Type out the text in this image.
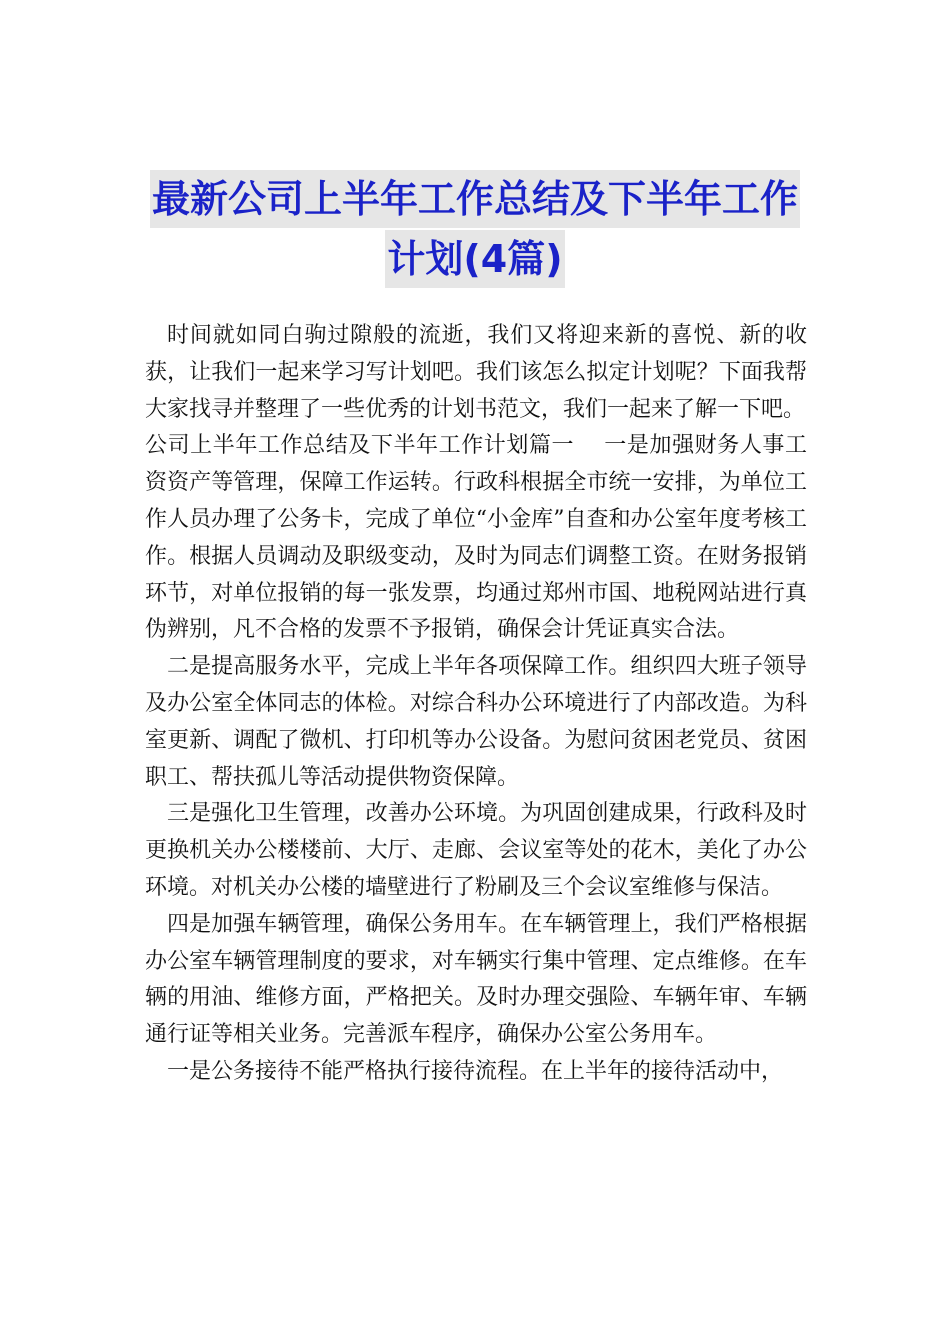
最新公司上半年工作总结及下半年工作
计划(4篇)

时间就如同白驹过隙般的流逝，我们又将迎来新的喜悦、新的收获，让我们一起来学习写计划吧。我们该怎么拟定计划呢？下面我帮大家找寻并整理了一些优秀的计划书范文，我们一起来了解一下吧。

公司上半年工作总结及下半年工作计划篇一　 一是加强财务人事工资资产等管理，保障工作运转。行政科根据全市统一安排，为单位工作人员办理了公务卡，完成了单位“小金库”自查和办公室年度考核工作。根据人员调动及职级变动，及时为同志们调整工资。在财务报销环节，对单位报销的每一张发票，均通过郑州市国、地税网站进行真伪辨别，凡不合格的发票不予报销，确保会计凭证真实合法。

二是提高服务水平，完成上半年各项保障工作。组织四大班子领导及办公室全体同志的体检。对综合科办公环境进行了内部改造。为科室更新、调配了微机、打印机等办公设备。为慰问贫困老党员、贫困职工、帮扶孤儿等活动提供物资保障。

三是强化卫生管理，改善办公环境。为巩固创建成果，行政科及时更换机关办公楼楼前、大厅、走廊、会议室等处的花木，美化了办公环境。对机关办公楼的墙壁进行了粉刷及三个会议室维修与保洁。

四是加强车辆管理，确保公务用车。在车辆管理上，我们严格根据办公室车辆管理制度的要求，对车辆实行集中管理、定点维修。在车辆的用油、维修方面，严格把关。及时办理交强险、车辆年审、车辆通行证等相关业务。完善派车程序，确保办公室公务用车。

一是公务接待不能严格执行接待流程。在上半年的接待活动中，
